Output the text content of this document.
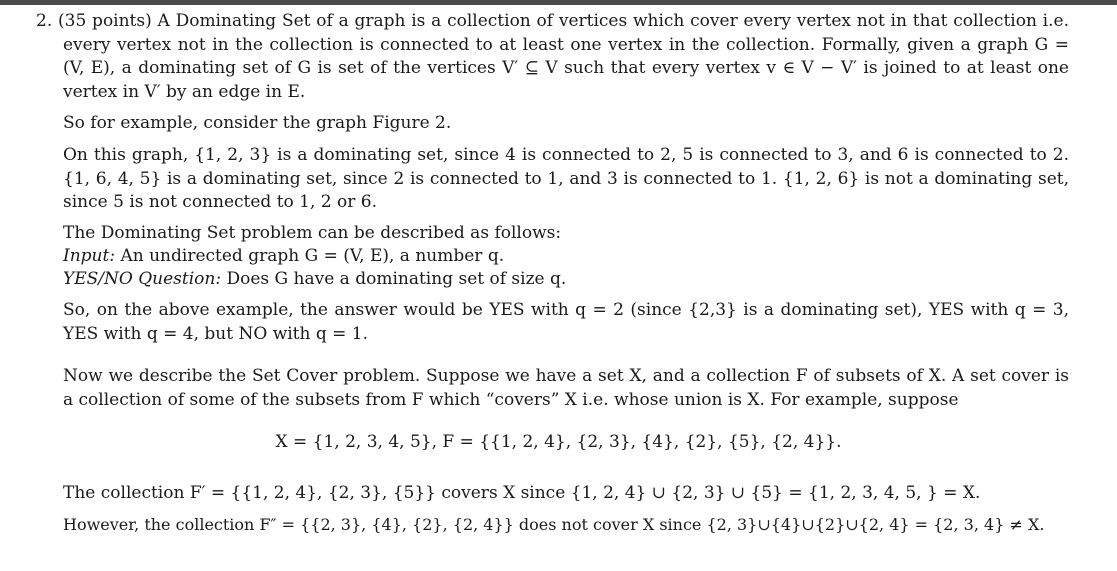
2. (35 points) A Dominating Set of a graph is a collection of vertices which cover every vertex not in that collection i.e. every vertex not in the collection is connected to at least one vertex in the collection. Formally, given a graph G = (V, E), a dominating set of G is set of the vertices V′ ⊆ V such that every vertex v ∈ V − V′ is joined to at least one vertex in V′ by an edge in E.
So for example, consider the graph Figure 2.
On this graph, {1, 2, 3} is a dominating set, since 4 is connected to 2, 5 is connected to 3, and 6 is connected to 2. {1, 6, 4, 5} is a dominating set, since 2 is connected to 1, and 3 is connected to 1. {1, 2, 6} is not a dominating set, since 5 is not connected to 1, 2 or 6.
The Dominating Set problem can be described as follows:
Input: An undirected graph G = (V, E), a number q.
YES/NO Question: Does G have a dominating set of size q.
So, on the above example, the answer would be YES with q = 2 (since {2,3} is a dominating set), YES with q = 3, YES with q = 4, but NO with q = 1.
Now we describe the Set Cover problem. Suppose we have a set X, and a collection F of subsets of X. A set cover is a collection of some of the subsets from F which “covers” X i.e. whose union is X. For example, suppose
X = {1, 2, 3, 4, 5}, F = {{1, 2, 4}, {2, 3}, {4}, {2}, {5}, {2, 4}}.
The collection F′ = {{1, 2, 4}, {2, 3}, {5}} covers X since {1, 2, 4} ∪ {2, 3} ∪ {5} = {1, 2, 3, 4, 5, } = X.
However, the collection F″ = {{2, 3}, {4}, {2}, {2, 4}} does not cover X since {2, 3}∪{4}∪{2}∪{2, 4} = {2, 3, 4} ≠ X.
